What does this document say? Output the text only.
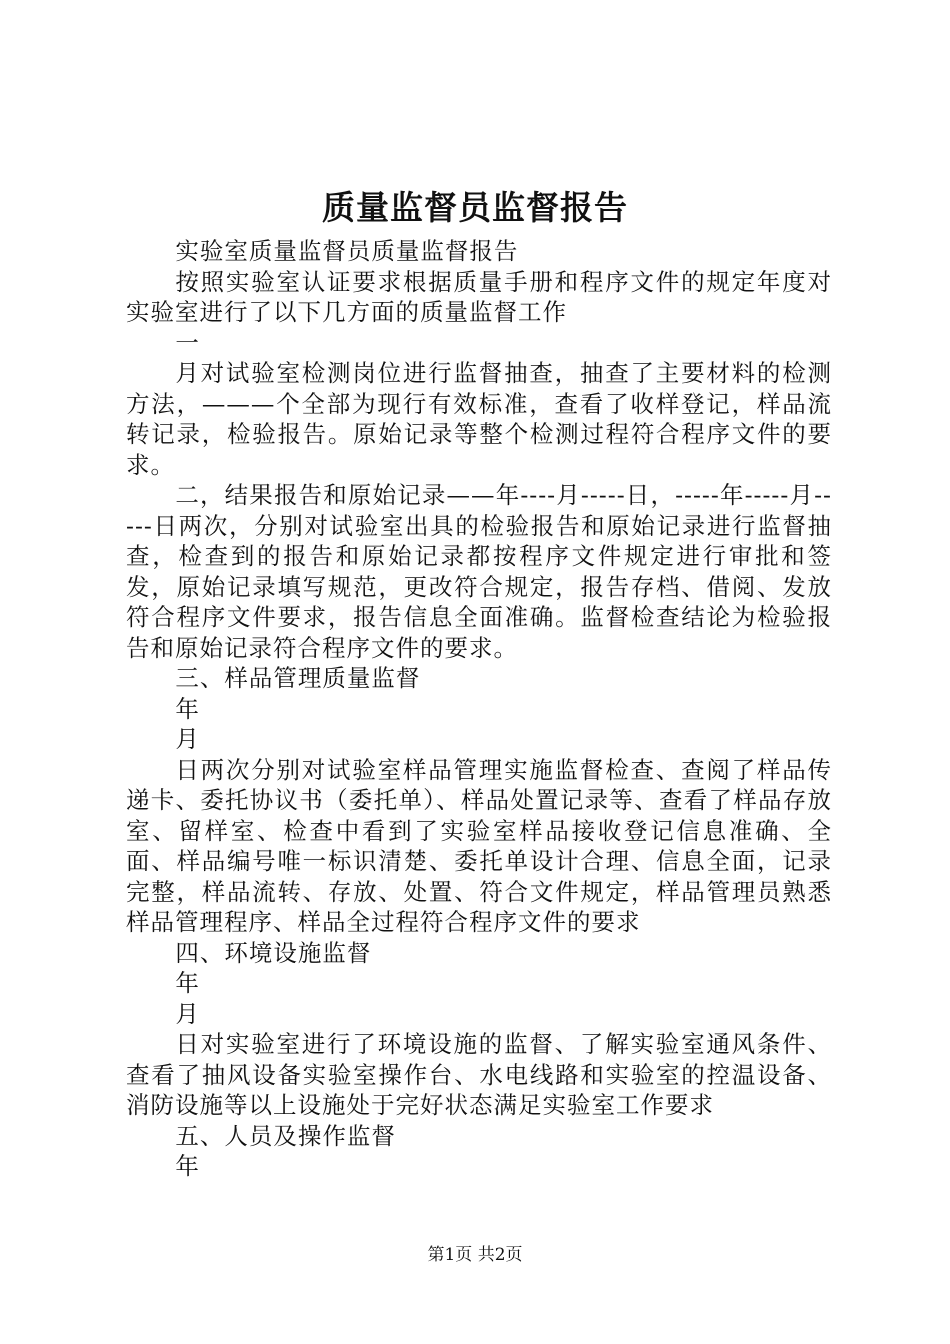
质量监督员监督报告

实验室质量监督员质量监督报告

按照实验室认证要求根据质量手册和程序文件的规定年度对实验室进行了以下几方面的质量监督工作

一

月对试验室检测岗位进行监督抽查，抽查了主要材料的检测方法，———个全部为现行有效标准，查看了收样登记，样品流转记录，检验报告。原始记录等整个检测过程符合程序文件的要求。

二，结果报告和原始记录——年----月-----日，-----年-----月-----日两次，分别对试验室出具的检验报告和原始记录进行监督抽查，检查到的报告和原始记录都按程序文件规定进行审批和签发，原始记录填写规范，更改符合规定，报告存档、借阅、发放符合程序文件要求，报告信息全面准确。监督检查结论为检验报告和原始记录符合程序文件的要求。

三、样品管理质量监督

年

月

日两次分别对试验室样品管理实施监督检查、查阅了样品传递卡、委托协议书（委托单）、样品处置记录等、查看了样品存放室、留样室、检查中看到了实验室样品接收登记信息准确、全面、样品编号唯一标识清楚、委托单设计合理、信息全面，记录完整，样品流转、存放、处置、符合文件规定，样品管理员熟悉样品管理程序、样品全过程符合程序文件的要求

四、环境设施监督

年

月

日对实验室进行了环境设施的监督、了解实验室通风条件、查看了抽风设备实验室操作台、水电线路和实验室的控温设备、消防设施等以上设施处于完好状态满足实验室工作要求

五、人员及操作监督

年

第1页 共2页
